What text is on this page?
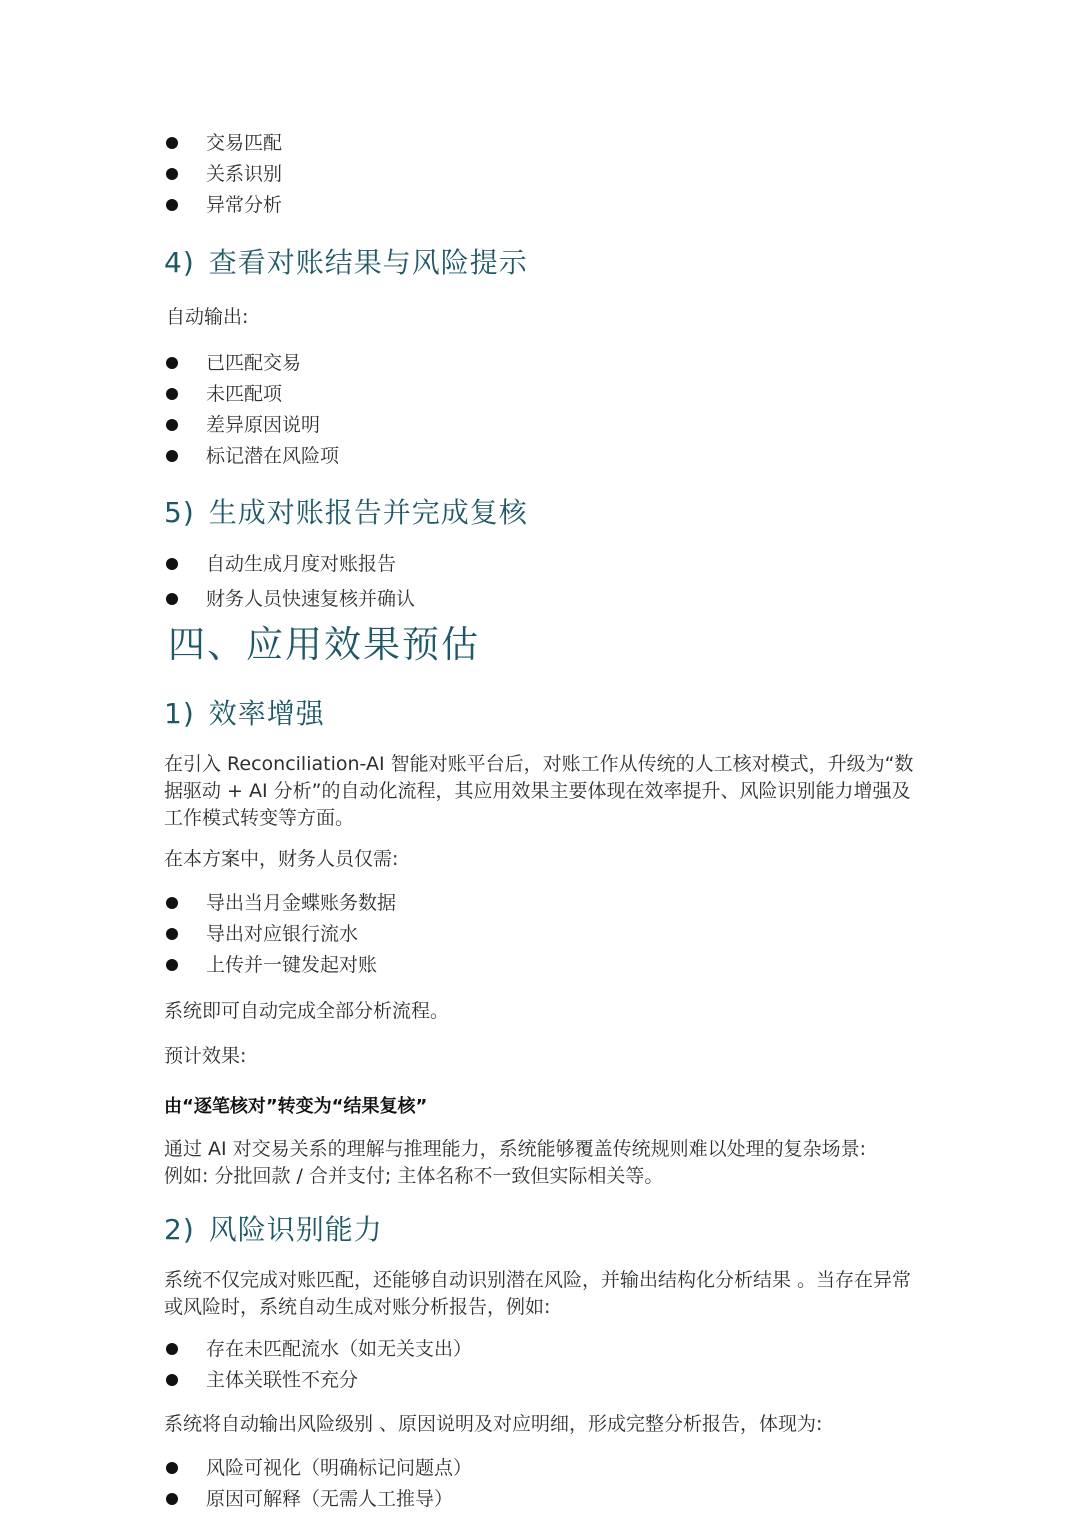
交易匹配
关系识别
异常分析
4) 查看对账结果与风险提示
自动输出:
已匹配交易
未匹配项
差异原因说明
标记潜在风险项
5) 生成对账报告并完成复核
自动生成月度对账报告
财务人员快速复核并确认
四、应用效果预估
1) 效率增强
在引入 Reconciliation-AI 智能对账平台后，对账工作从传统的人工核对模式，升级为“数据驱动 + AI 分析”的自动化流程，其应用效果主要体现在效率提升、风险识别能力增强及工作模式转变等方面。
在本方案中，财务人员仅需:
导出当月金蝶账务数据
导出对应银行流水
上传并一键发起对账
系统即可自动完成全部分析流程。
预计效果:
由“逐笔核对”转变为“结果复核”
通过 AI 对交易关系的理解与推理能力，系统能够覆盖传统规则难以处理的复杂场景:
例如: 分批回款 / 合并支付; 主体名称不一致但实际相关等。
2) 风险识别能力
系统不仅完成对账匹配，还能够自动识别潜在风险，并输出结构化分析结果 。当存在异常或风险时，系统自动生成对账分析报告，例如:
存在未匹配流水（如无关支出）
主体关联性不充分
系统将自动输出风险级别 、原因说明及对应明细，形成完整分析报告，体现为:
风险可视化（明确标记问题点）
原因可解释（无需人工推导）
